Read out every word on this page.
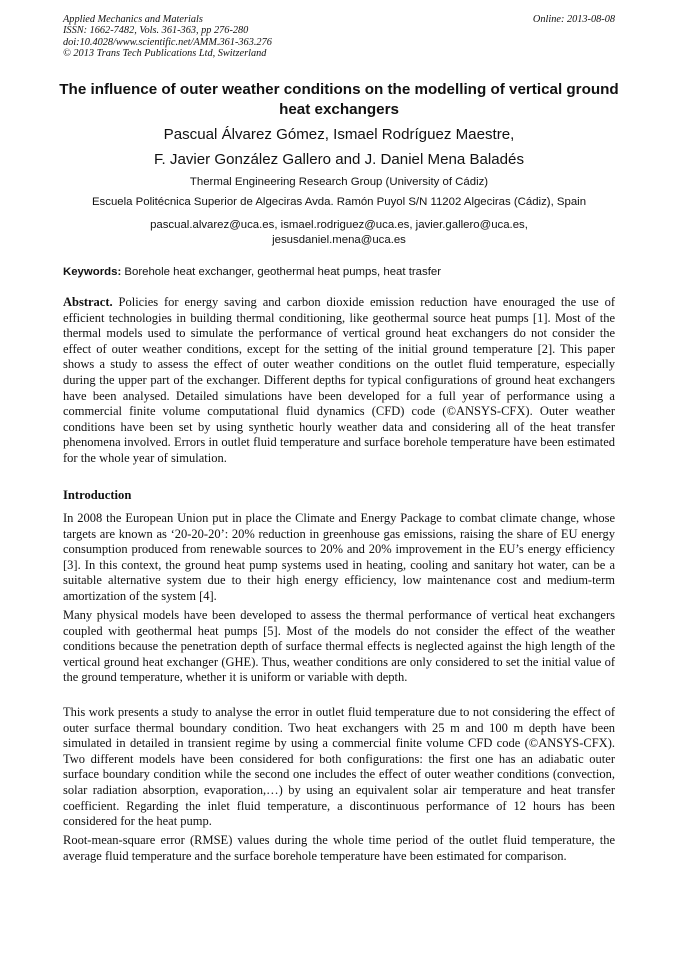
Applied Mechanics and Materials
ISSN: 1662-7482, Vols. 361-363, pp 276-280
doi:10.4028/www.scientific.net/AMM.361-363.276
© 2013 Trans Tech Publications Ltd, Switzerland
Online: 2013-08-08
The influence of outer weather conditions on the modelling of vertical ground heat exchangers
Pascual Álvarez Gómez, Ismael Rodríguez Maestre,
F. Javier González Gallero and J. Daniel Mena Baladés
Thermal Engineering Research Group (University of Cádiz)
Escuela Politécnica Superior de Algeciras Avda. Ramón Puyol S/N 11202 Algeciras (Cádiz), Spain
pascual.alvarez@uca.es, ismael.rodriguez@uca.es, javier.gallero@uca.es, jesusdaniel.mena@uca.es
Keywords: Borehole heat exchanger, geothermal heat pumps, heat trasfer
Abstract. Policies for energy saving and carbon dioxide emission reduction have enouraged the use of efficient technologies in building thermal conditioning, like geothermal source heat pumps [1]. Most of the thermal models used to simulate the performance of vertical ground heat exchangers do not consider the effect of outer weather conditions, except for the setting of the initial ground temperature [2]. This paper shows a study to assess the effect of outer weather conditions on the outlet fluid temperature, especially during the upper part of the exchanger. Different depths for typical configurations of ground heat exchangers have been analysed. Detailed simulations have been developed for a full year of performance using a commercial finite volume computational fluid dynamics (CFD) code (©ANSYS-CFX). Outer weather conditions have been set by using synthetic hourly weather data and considering all of the heat transfer phenomena involved. Errors in outlet fluid temperature and surface borehole temperature have been estimated for the whole year of simulation.
Introduction
In 2008 the European Union put in place the Climate and Energy Package to combat climate change, whose targets are known as ‘20-20-20’: 20% reduction in greenhouse gas emissions, raising the share of EU energy consumption produced from renewable sources to 20% and 20% improvement in the EU’s energy efficiency [3]. In this context, the ground heat pump systems used in heating, cooling and sanitary hot water, can be a suitable alternative system due to their high energy efficiency, low maintenance cost and medium-term amortization of the system [4].
Many physical models have been developed to assess the thermal performance of vertical heat exchangers coupled with geothermal heat pumps [5]. Most of the models do not consider the effect of the weather conditions because the penetration depth of surface thermal effects is neglected against the high length of the vertical ground heat exchanger (GHE). Thus, weather conditions are only considered to set the initial value of the ground temperature, whether it is uniform or variable with depth.
This work presents a study to analyse the error in outlet fluid temperature due to not considering the effect of outer surface thermal boundary condition. Two heat exchangers with 25 m and 100 m depth have been simulated in detailed in transient regime by using a commercial finite volume CFD code (©ANSYS-CFX). Two different models have been considered for both configurations: the first one has an adiabatic outer surface boundary condition while the second one includes the effect of outer weather conditions (convection, solar radiation absorption, evaporation,…) by using an equivalent solar air temperature and heat transfer coefficient. Regarding the inlet fluid temperature, a discontinuous performance of 12 hours has been considered for the heat pump.
Root-mean-square error (RMSE) values during the whole time period of the outlet fluid temperature, the average fluid temperature and the surface borehole temperature have been estimated for comparison.
